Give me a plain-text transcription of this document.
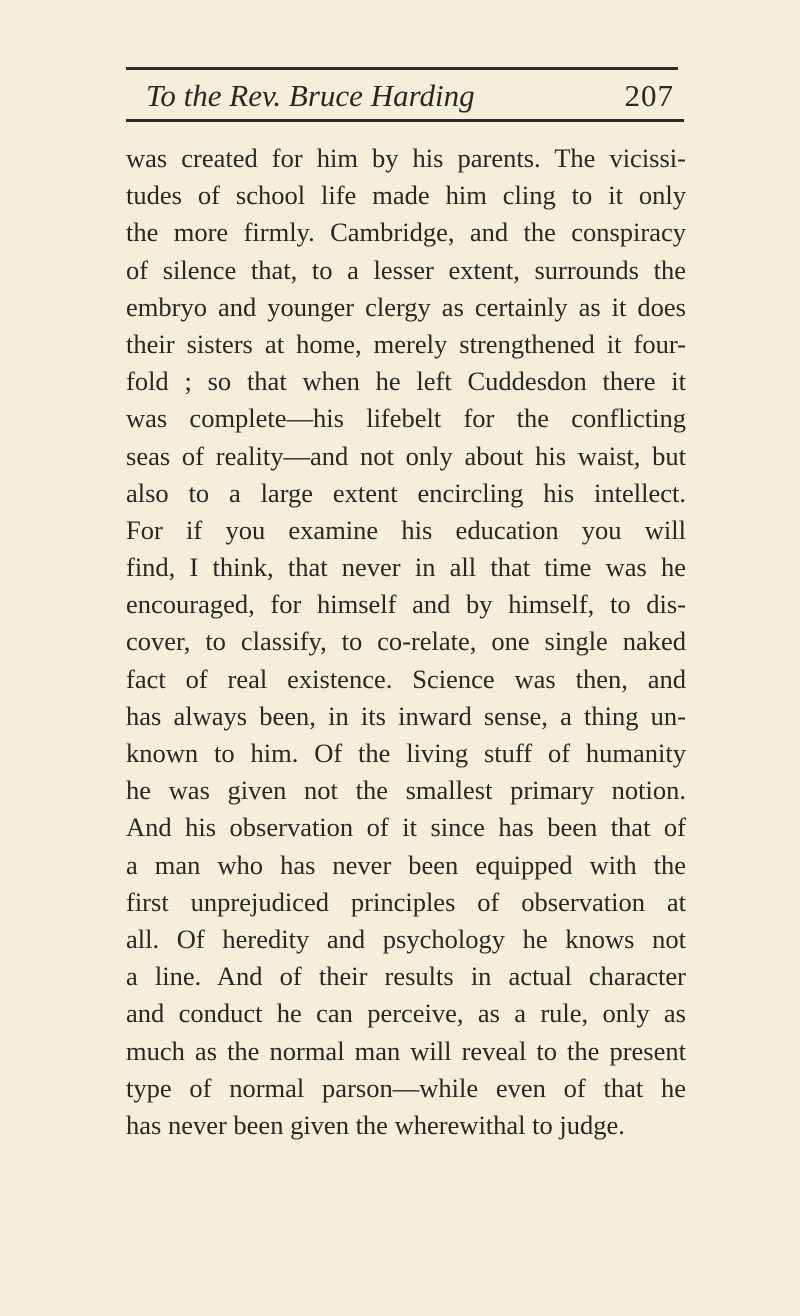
To the Rev. Bruce Harding	207
was created for him by his parents. The vicissi-
tudes of school life made him cling to it only
the more firmly. Cambridge, and the conspiracy
of silence that, to a lesser extent, surrounds the
embryo and younger clergy as certainly as it does
their sisters at home, merely strengthened it four-
fold ; so that when he left Cuddesdon there it
was complete—his lifebelt for the conflicting
seas of reality—and not only about his waist, but
also to a large extent encircling his intellect.
For if you examine his education you will
find, I think, that never in all that time was he
encouraged, for himself and by himself, to dis-
cover, to classify, to co-relate, one single naked
fact of real existence. Science was then, and
has always been, in its inward sense, a thing un-
known to him. Of the living stuff of humanity
he was given not the smallest primary notion.
And his observation of it since has been that of
a man who has never been equipped with the
first unprejudiced principles of observation at
all. Of heredity and psychology he knows not
a line. And of their results in actual character
and conduct he can perceive, as a rule, only as
much as the normal man will reveal to the present
type of normal parson—while even of that he
has never been given the wherewithal to judge.
